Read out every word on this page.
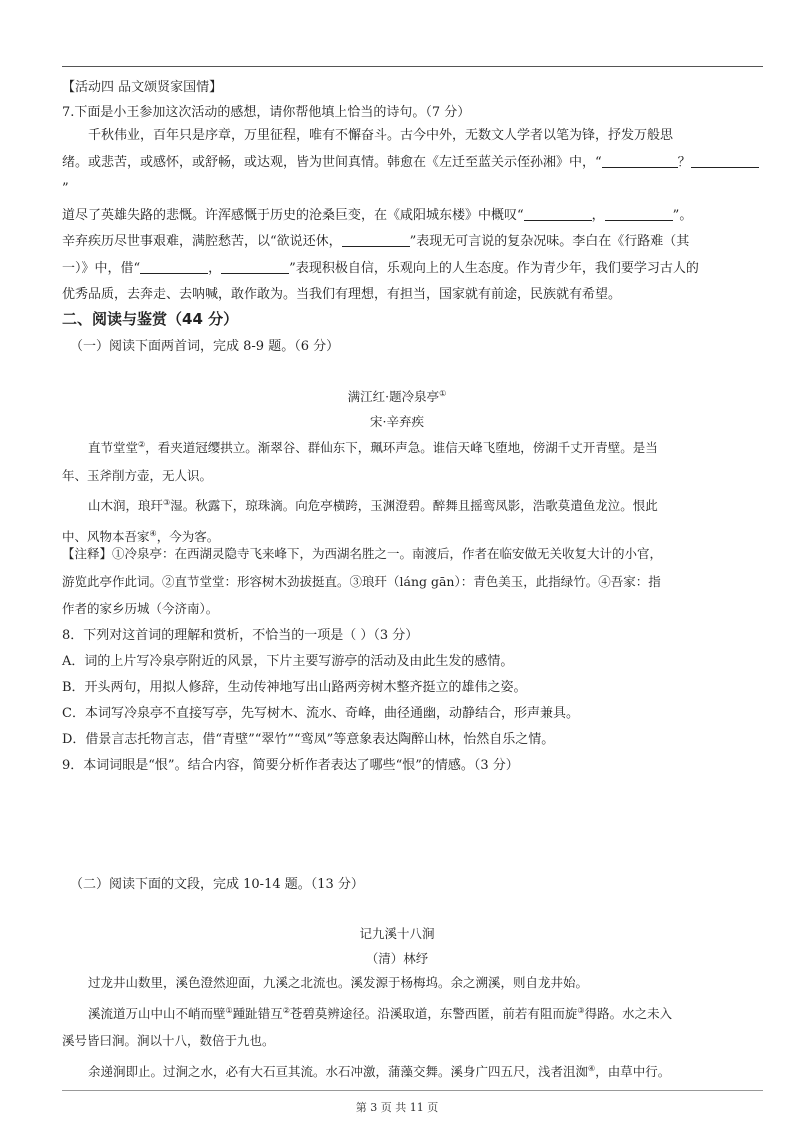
【活动四 品文颂贤家国情】
7.下面是小王参加这次活动的感想，请你帮他填上恰当的诗句。（7 分）

千秋伟业，百年只是序章，万里征程，唯有不懈奋斗。古今中外，无数文人学者以笔为锋，抒发万般思

绪。或悲苦，或感怀，或舒畅，或达观，皆为世间真情。韩愈在《左迁至蓝关示侄孙湘》中，“	？”

道尽了英雄失路的悲慨。许浑感慨于历史的沧桑巨变，在《咸阳城东楼》中概叹“	，	”。

辛弃疾历尽世事艰难，满腔愁苦，以“欲说还休，	”表现无可言说的复杂况味。李白在《行路难（其

一）》中，借“	，	”表现积极自信，乐观向上的人生态度。作为青少年，我们要学习古人的

优秀品质，去奔走、去呐喊，敢作敢为。当我们有理想，有担当，国家就有前途，民族就有希望。

二、阅读与鉴赏（44 分）
（一）阅读下面两首词，完成 8-9 题。（6 分）
满江红·题冷泉亭①
宋·辛弃疾

直节堂堂②，看夹道冠缨拱立。渐翠谷、群仙东下，珮环声急。谁信天峰飞堕地，傍湖千丈开青壁。是当

年、玉斧削方壶，无人识。

山木润，琅玕③湿。秋露下，琼珠滴。向危亭横跨，玉渊澄碧。醉舞且摇鸾凤影，浩歌莫遣鱼龙泣。恨此

中、风物本吾家④，今为客。

【注释】①冷泉亭：在西湖灵隐寺飞来峰下，为西湖名胜之一。南渡后，作者在临安做无关收复大计的小官，
游览此亭作此词。②直节堂堂：形容树木劲拔挺直。③琅玕（láng gān）：青色美玉，此指绿竹。④吾家：指
作者的家乡历城（今济南）。
8．下列对这首词的理解和赏析，不恰当的一项是（ ）（3 分）
A．词的上片写冷泉亭附近的风景，下片主要写游亭的活动及由此生发的感情。
B．开头两句，用拟人修辞，生动传神地写出山路两旁树木整齐挺立的雄伟之姿。
C．本词写冷泉亭不直接写亭，先写树木、流水、奇峰，曲径通幽，动静结合，形声兼具。
D．借景言志托物言志，借“青壁”“翠竹”“鸾凤”等意象表达陶醉山林，怡然自乐之情。
9．本词词眼是“恨”。结合内容，简要分析作者表达了哪些“恨”的情感。（3 分）
（二）阅读下面的文段，完成 10-14 题。（13 分）
记九溪十八涧
（清）林纾

过龙井山数里，溪色澄然迎面，九溪之北流也。溪发源于杨梅坞。余之溯溪，则自龙井始。

溪流道万山中山不峭而壁①踵趾错互②苍碧莫辨途径。沿溪取道，东警西匿，前若有阻而旋③得路。水之未入

溪号皆曰涧。涧以十八，数倍于九也。

余递涧即止。过涧之水，必有大石亘其流。水石冲激，蒲藻交舞。溪身广四五尺，浅者沮洳④，由草中行。

第 3 页 共 11 页
